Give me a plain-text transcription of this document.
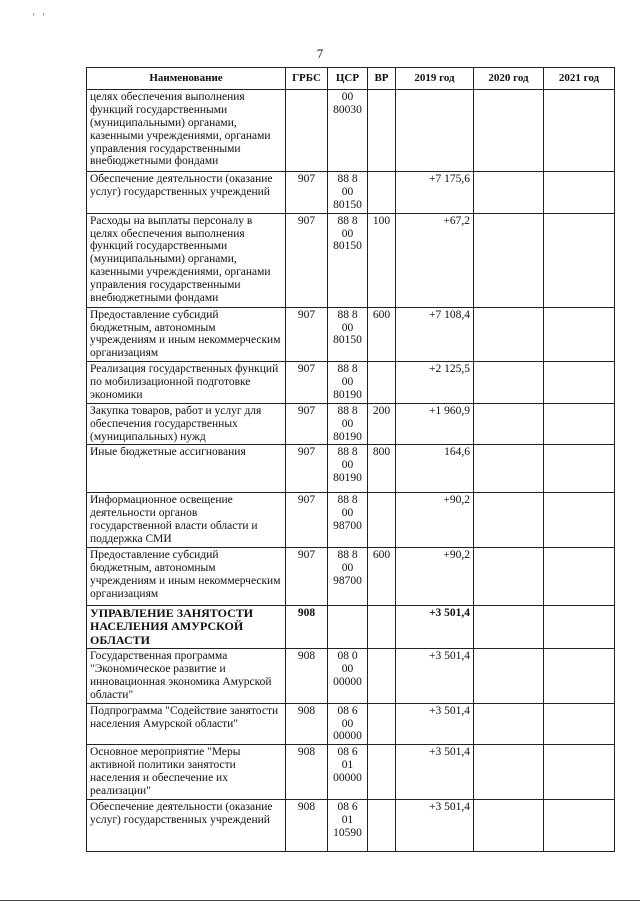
' '
7
Наименование	ГРБС	ЦСР	ВР	2019 год	2020 год	2021 год
целях обеспечения выполнения функций государственными (муниципальными) органами, казенными учреждениями, органами управления государственными внебюджетными фондами		00 80030				
Обеспечение деятельности (оказание услуг) государственных учреждений	907	88 8 00 80150		+7 175,6		
Расходы на выплаты персоналу в целях обеспечения выполнения функций государственными (муниципальными) органами, казенными учреждениями, органами управления государственными внебюджетными фондами	907	88 8 00 80150	100	+67,2		
Предоставление субсидий бюджетным, автономным учреждениям и иным некоммерческим организациям	907	88 8 00 80150	600	+7 108,4		
Реализация государственных функций по мобилизационной подготовке экономики	907	88 8 00 80190		+2 125,5		
Закупка товаров, работ и услуг для обеспечения государственных (муниципальных) нужд	907	88 8 00 80190	200	+1 960,9		
Иные бюджетные ассигнования	907	88 8 00 80190	800	164,6		
Информационное освещение деятельности органов государственной власти области и поддержка СМИ	907	88 8 00 98700		+90,2		
Предоставление субсидий бюджетным, автономным учреждениям и иным некоммерческим организациям	907	88 8 00 98700	600	+90,2		
УПРАВЛЕНИЕ ЗАНЯТОСТИ НАСЕЛЕНИЯ АМУРСКОЙ ОБЛАСТИ	908			+3 501,4		
Государственная программа "Экономическое развитие и инновационная экономика Амурской области"	908	08 0 00 00000		+3 501,4		
Подпрограмма "Содействие занятости населения Амурской области"	908	08 6 00 00000		+3 501,4		
Основное мероприятие "Меры активной политики занятости населения и обеспечение их реализации"	908	08 6 01 00000		+3 501,4		
Обеспечение деятельности (оказание услуг) государственных учреждений	908	08 6 01 10590		+3 501,4		
